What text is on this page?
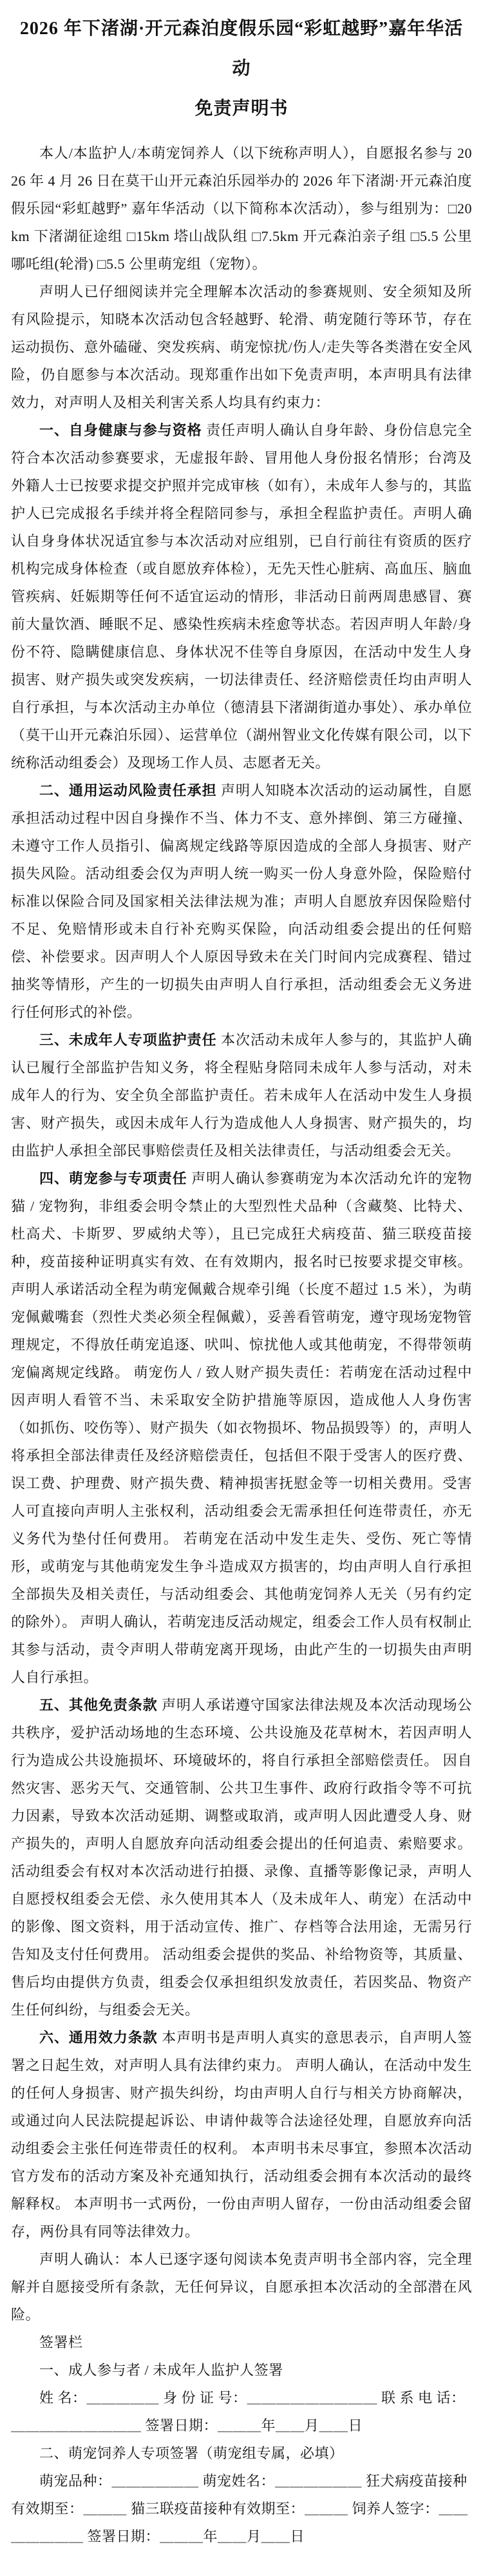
2026 年下渚湖·开元森泊度假乐园“彩虹越野”嘉年华活动
免责声明书

本人/本监护人/本萌宠饲养人（以下统称声明人），自愿报名参与 2026 年 4 月 26 日在莫干山开元森泊乐园举办的 2026 年下渚湖·开元森泊度假乐园“彩虹越野” 嘉年华活动（以下简称本次活动），参与组别为：□20km 下渚湖征途组 □15km 塔山战队组 □7.5km 开元森泊亲子组 □5.5 公里哪吒组(轮滑) □5.5 公里萌宠组（宠物）。

声明人已仔细阅读并完全理解本次活动的参赛规则、安全须知及所有风险提示，知晓本次活动包含轻越野、轮滑、萌宠随行等环节，存在运动损伤、意外磕碰、突发疾病、萌宠惊扰/伤人/走失等各类潜在安全风险，仍自愿参与本次活动。现郑重作出如下免责声明，本声明具有法律效力，对声明人及相关利害关系人均具有约束力：

一、自身健康与参与资格 责任声明人确认自身年龄、身份信息完全符合本次活动参赛要求，无虚报年龄、冒用他人身份报名情形；台湾及外籍人士已按要求提交护照并完成审核（如有），未成年人参与的，其监护人已完成报名手续并将全程陪同参与，承担全程监护责任。声明人确认自身身体状况适宜参与本次活动对应组别，已自行前往有资质的医疗机构完成身体检查（或自愿放弃体检），无先天性心脏病、高血压、脑血管疾病、妊娠期等任何不适宜运动的情形，非活动日前两周患感冒、赛前大量饮酒、睡眠不足、感染性疾病未痊愈等状态。若因声明人年龄/身份不符、隐瞒健康信息、身体状况不佳等自身原因，在活动中发生人身损害、财产损失或突发疾病，一切法律责任、经济赔偿责任均由声明人自行承担，与本次活动主办单位（德清县下渚湖街道办事处）、承办单位（莫干山开元森泊乐园）、运营单位（湖州智业文化传媒有限公司，以下统称活动组委会）及现场工作人员、志愿者无关。

二、通用运动风险责任承担 声明人知晓本次活动的运动属性，自愿承担活动过程中因自身操作不当、体力不支、意外摔倒、第三方碰撞、未遵守工作人员指引、偏离规定线路等原因造成的全部人身损害、财产损失风险。活动组委会仅为声明人统一购买一份人身意外险，保险赔付标准以保险合同及国家相关法律法规为准；声明人自愿放弃因保险赔付不足、免赔情形或未自行补充购买保险，向活动组委会提出的任何赔偿、补偿要求。因声明人个人原因导致未在关门时间内完成赛程、错过抽奖等情形，产生的一切损失由声明人自行承担，活动组委会无义务进行任何形式的补偿。

三、未成年人专项监护责任 本次活动未成年人参与的，其监护人确认已履行全部监护告知义务，将全程贴身陪同未成年人参与活动，对未成年人的行为、安全负全部监护责任。若未成年人在活动中发生人身损害、财产损失，或因未成年人行为造成他人人身损害、财产损失的，均由监护人承担全部民事赔偿责任及相关法律责任，与活动组委会无关。

四、萌宠参与专项责任 声明人确认参赛萌宠为本次活动允许的宠物猫 / 宠物狗，非组委会明令禁止的大型烈性犬品种（含藏獒、比特犬、杜高犬、卡斯罗、罗威纳犬等），且已完成狂犬病疫苗、猫三联疫苗接种，疫苗接种证明真实有效、在有效期内，报名时已按要求提交审核。声明人承诺活动全程为萌宠佩戴合规牵引绳（长度不超过 1.5 米），为萌宠佩戴嘴套（烈性犬类必须全程佩戴），妥善看管萌宠，遵守现场宠物管理规定，不得放任萌宠追逐、吠叫、惊扰他人或其他萌宠，不得带领萌宠偏离规定线路。 萌宠伤人 / 致人财产损失责任：若萌宠在活动过程中因声明人看管不当、未采取安全防护措施等原因，造成他人人身伤害（如抓伤、咬伤等）、财产损失（如衣物损坏、物品损毁等）的，声明人将承担全部法律责任及经济赔偿责任，包括但不限于受害人的医疗费、误工费、护理费、财产损失费、精神损害抚慰金等一切相关费用。受害人可直接向声明人主张权利，活动组委会无需承担任何连带责任，亦无义务代为垫付任何费用。 若萌宠在活动中发生走失、受伤、死亡等情形，或萌宠与其他萌宠发生争斗造成双方损害的，均由声明人自行承担全部损失及相关责任，与活动组委会、其他萌宠饲养人无关（另有约定的除外）。 声明人确认，若萌宠违反活动规定，组委会工作人员有权制止其参与活动，责令声明人带萌宠离开现场，由此产生的一切损失由声明人自行承担。

五、其他免责条款 声明人承诺遵守国家法律法规及本次活动现场公共秩序，爱护活动场地的生态环境、公共设施及花草树木，若因声明人行为造成公共设施损坏、环境破坏的，将自行承担全部赔偿责任。 因自然灾害、恶劣天气、交通管制、公共卫生事件、政府行政指令等不可抗力因素，导致本次活动延期、调整或取消，或声明人因此遭受人身、财产损失的，声明人自愿放弃向活动组委会提出的任何追责、索赔要求。 活动组委会有权对本次活动进行拍摄、录像、直播等影像记录，声明人自愿授权组委会无偿、永久使用其本人（及未成年人、萌宠）在活动中的影像、图文资料，用于活动宣传、推广、存档等合法用途，无需另行告知及支付任何费用。 活动组委会提供的奖品、补给物资等，其质量、售后均由提供方负责，组委会仅承担组织发放责任，若因奖品、物资产生任何纠纷，与组委会无关。

六、通用效力条款 本声明书是声明人真实的意思表示，自声明人签署之日起生效，对声明人具有法律约束力。 声明人确认，在活动中发生的任何人身损害、财产损失纠纷，均由声明人自行与相关方协商解决，或通过向人民法院提起诉讼、申请仲裁等合法途径处理，自愿放弃向活动组委会主张任何连带责任的权利。 本声明书未尽事宜，参照本次活动官方发布的活动方案及补充通知执行，活动组委会拥有本次活动的最终解释权。 本声明书一式两份，一份由声明人留存，一份由活动组委会留存，两份具有同等法律效力。

声明人确认：本人已逐字逐句阅读本免责声明书全部内容，完全理解并自愿接受所有条款，无任何异议，自愿承担本次活动的全部潜在风险。

签署栏

一、成人参与者 / 未成年人监护人签署

姓 名：＿＿＿＿＿ 身 份 证 号：＿＿＿＿＿＿＿＿＿ 联 系 电 话：＿＿＿＿＿＿＿＿＿ 签署日期：＿＿＿年＿＿月＿＿日

二、萌宠饲养人专项签署（萌宠组专属，必填）

萌宠品种：＿＿＿＿＿＿ 萌宠姓名：＿＿＿＿＿＿ 狂犬病疫苗接种有效期至：＿＿＿ 猫三联疫苗接种有效期至：＿＿＿ 饲养人签字：＿＿＿＿＿＿＿ 签署日期：＿＿＿年＿＿月＿＿日
